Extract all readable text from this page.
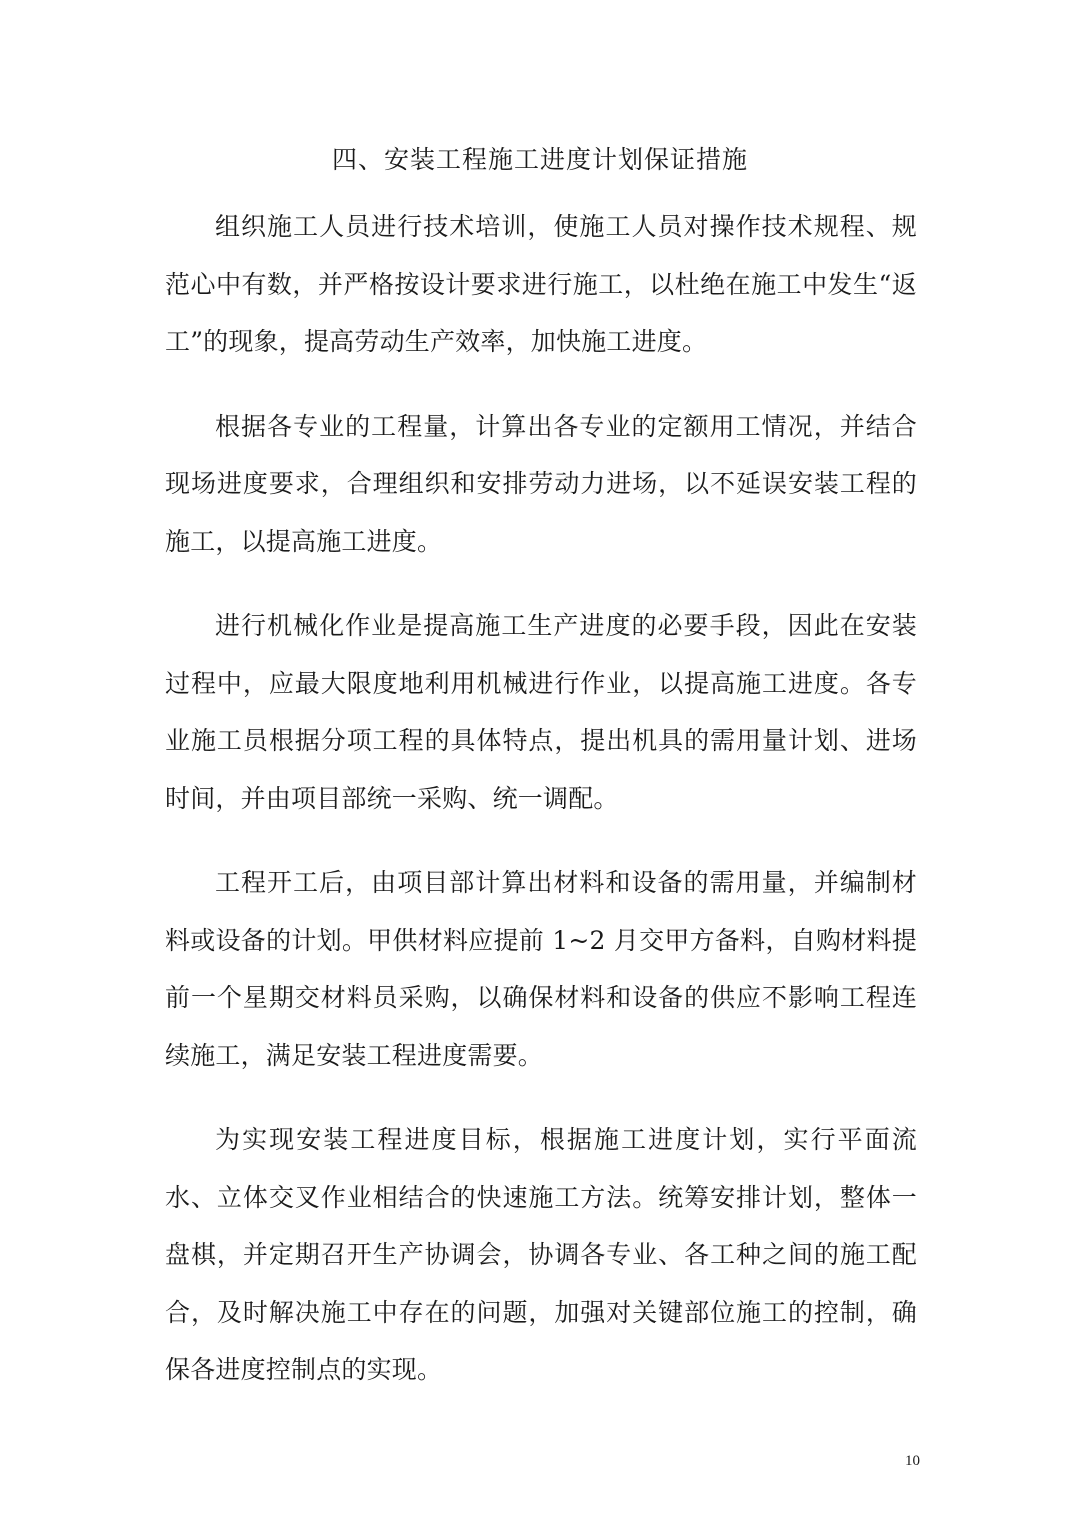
四、安装工程施工进度计划保证措施

组织施工人员进行技术培训，使施工人员对操作技术规程、规范心中有数，并严格按设计要求进行施工，以杜绝在施工中发生“返工”的现象，提高劳动生产效率，加快施工进度。

根据各专业的工程量，计算出各专业的定额用工情况，并结合现场进度要求，合理组织和安排劳动力进场，以不延误安装工程的施工，以提高施工进度。

进行机械化作业是提高施工生产进度的必要手段，因此在安装过程中，应最大限度地利用机械进行作业，以提高施工进度。各专业施工员根据分项工程的具体特点，提出机具的需用量计划、进场时间，并由项目部统一采购、统一调配。

工程开工后，由项目部计算出材料和设备的需用量，并编制材料或设备的计划。甲供材料应提前 1~2 月交甲方备料，自购材料提前一个星期交材料员采购，以确保材料和设备的供应不影响工程连续施工，满足安装工程进度需要。

为实现安装工程进度目标，根据施工进度计划，实行平面流水、立体交叉作业相结合的快速施工方法。统筹安排计划，整体一盘棋，并定期召开生产协调会，协调各专业、各工种之间的施工配合，及时解决施工中存在的问题，加强对关键部位施工的控制，确保各进度控制点的实现。

10
